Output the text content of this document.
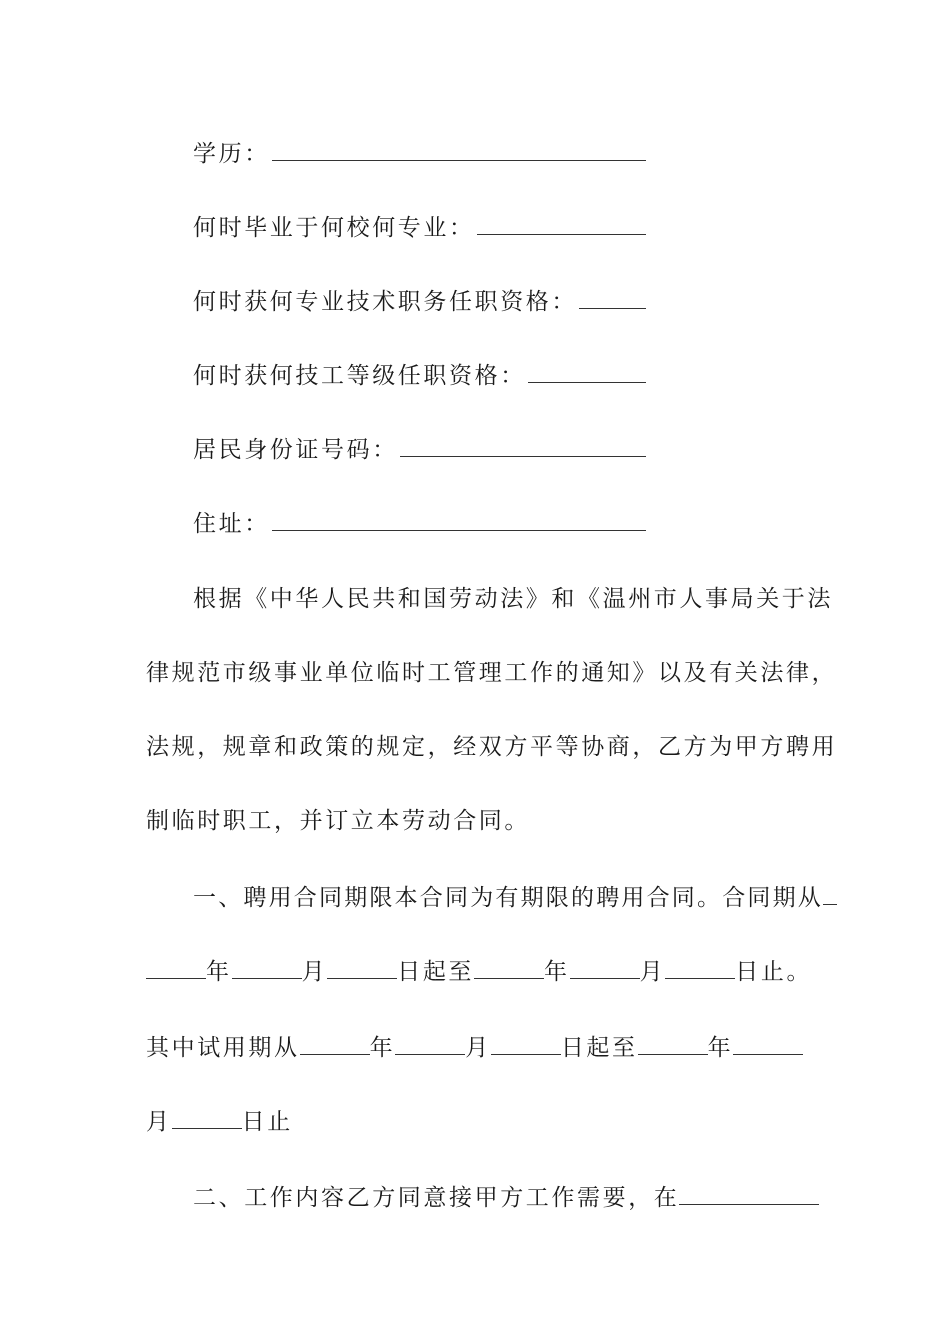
学历：
何时毕业于何校何专业：
何时获何专业技术职务任职资格：
何时获何技工等级任职资格：
居民身份证号码：
住址：
根据《中华人民共和国劳动法》和《温州市人事局关于法
律规范市级事业单位临时工管理工作的通知》以及有关法律，
法规，规章和政策的规定，经双方平等协商，乙方为甲方聘用
制临时职工，并订立本劳动合同。
一、聘用合同期限本合同为有期限的聘用合同。合同期从
年	月	日起至	年	月	日止。
其中试用期从	年	月	日起至	年
月	日止
二、工作内容乙方同意接甲方工作需要，在
